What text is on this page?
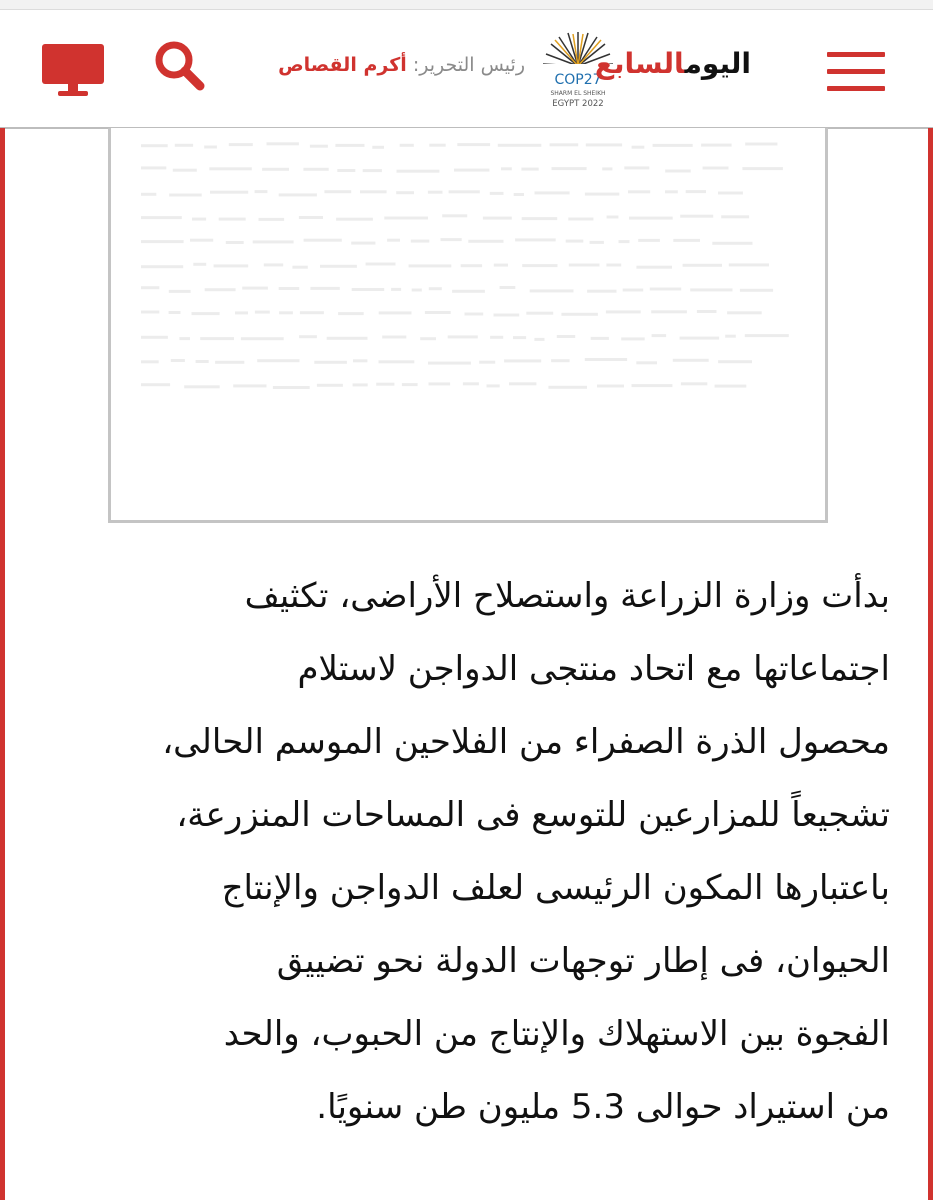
رئيس التحرير: أكرم القصاص
COP27
SHARM EL SHEIKH
EGYPT 2022
اليومالسابع
بدأت وزارة الزراعة واستصلاح الأراضى، تكثيف
اجتماعاتها مع اتحاد منتجى الدواجن لاستلام
محصول الذرة الصفراء من الفلاحين الموسم الحالى،
تشجيعاً للمزارعين للتوسع فى المساحات المنزرعة،
باعتبارها المكون الرئيسى لعلف الدواجن والإنتاج
الحيوان، فى إطار توجهات الدولة نحو تضييق
الفجوة بين الاستهلاك والإنتاج من الحبوب، والحد
من استيراد حوالى 5.3 مليون طن سنويًا.
